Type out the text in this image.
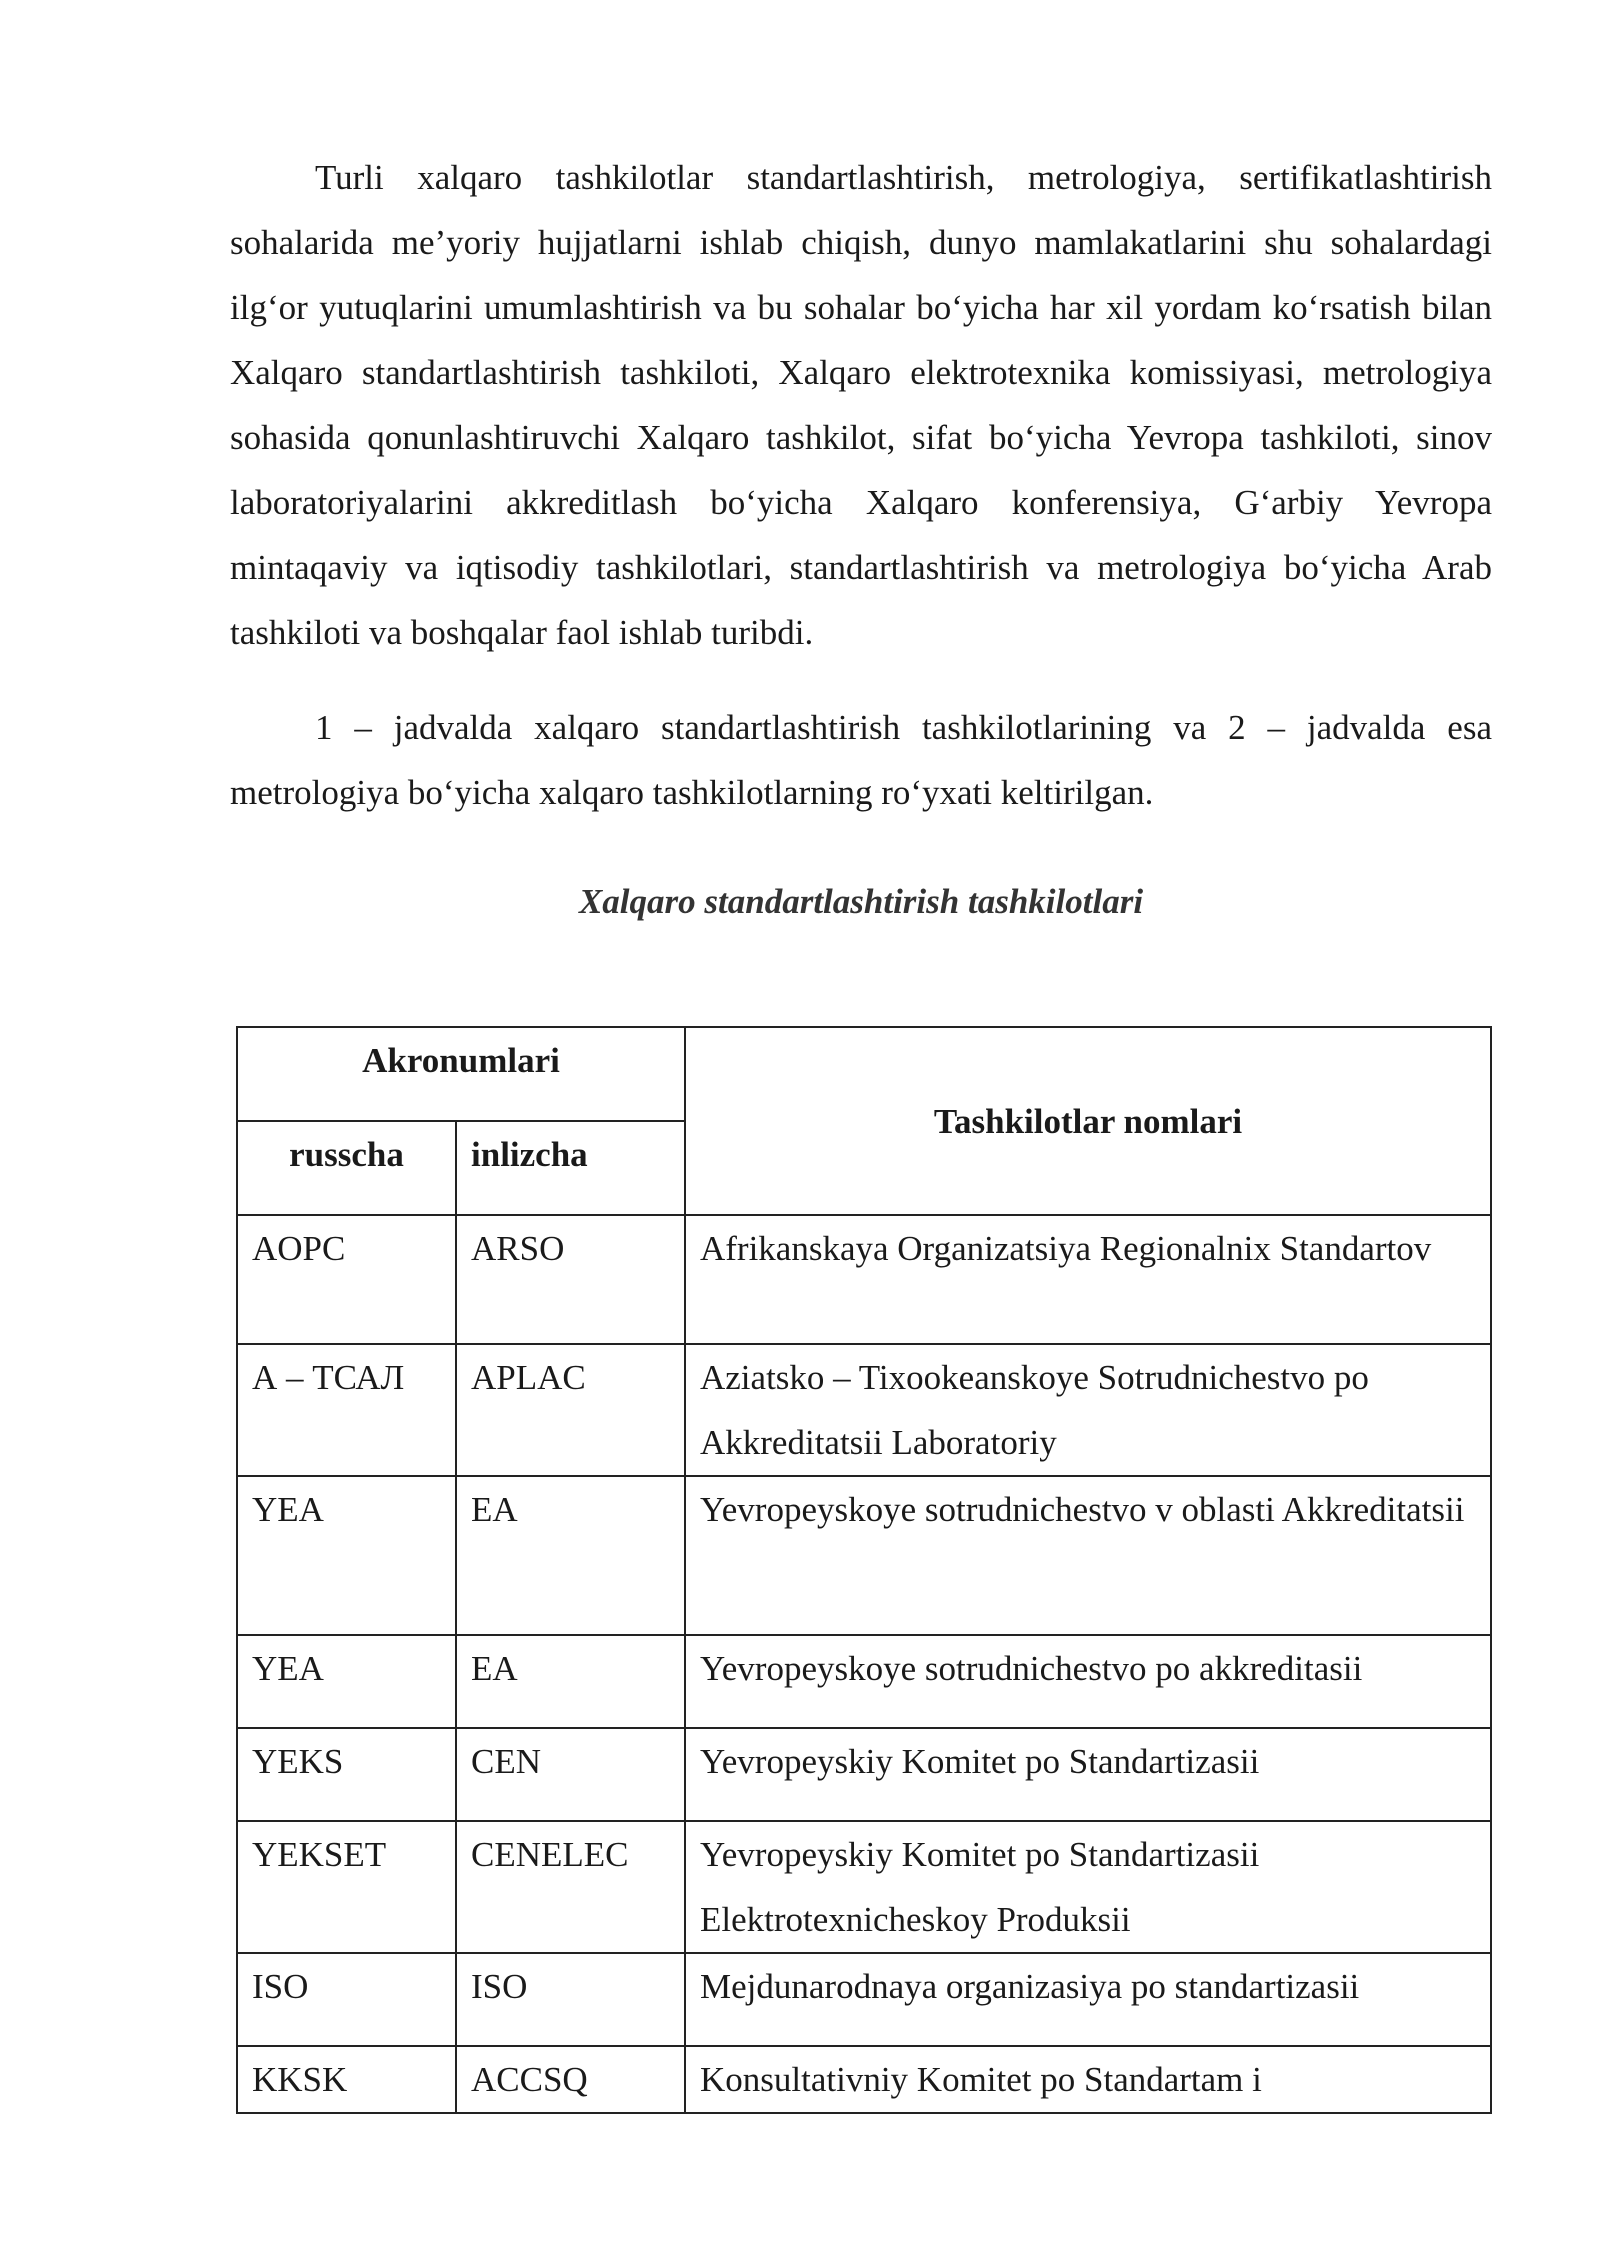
Turli xalqaro tashkilotlar standartlashtirish, metrologiya, sertifikatlashtirish sohalarida me’yoriy hujjatlarni ishlab chiqish, dunyo mamlakatlarini shu sohalardagi ilg‘or yutuqlarini umumlashtirish va bu sohalar bo‘yicha har xil yordam ko‘rsatish bilan Xalqaro standartlashtirish tashkiloti, Xalqaro elektrotexnika komissiyasi, metrologiya sohasida qonunlashtiruvchi Xalqaro tashkilot, sifat bo‘yicha Yevropa tashkiloti, sinov laboratoriyalarini akkreditlash bo‘yicha Xalqaro konferensiya, G‘arbiy Yevropa mintaqaviy va iqtisodiy tashkilotlari, standartlashtirish va metrologiya bo‘yicha Arab tashkiloti va boshqalar faol ishlab turibdi.

1 – jadvalda xalqaro standartlashtirish tashkilotlarining va 2 – jadvalda esa metrologiya bo‘yicha xalqaro tashkilotlarning ro‘yxati keltirilgan.

Xalqaro standartlashtirish tashkilotlari
Akronumlari		Tashkilotlar nomlari
russcha	inlizcha	
AOPC	ARSO	Afrikanskaya Organizatsiya Regionalnix Standartov
А – ТСАЛ	APLAC	Aziatsko – Tixookeanskoye Sotrudnichestvo po Akkreditatsii Laboratoriy
YEA	EA	Yevropeyskoye sotrudnichestvo v oblasti Akkreditatsii
YEA	EA	Yevropeyskoye sotrudnichestvo po akkreditasii
YEKS	CEN	Yevropeyskiy Komitet po Standartizasii
YEKSET	CENELEC	Yevropeyskiy Komitet po Standartizasii Elektrotexnicheskoy Produksii
ISO	ISO	Mejdunarodnaya organizasiya po standartizasii
KKSK	ACCSQ	Konsultativniy Komitet po Standartam i
